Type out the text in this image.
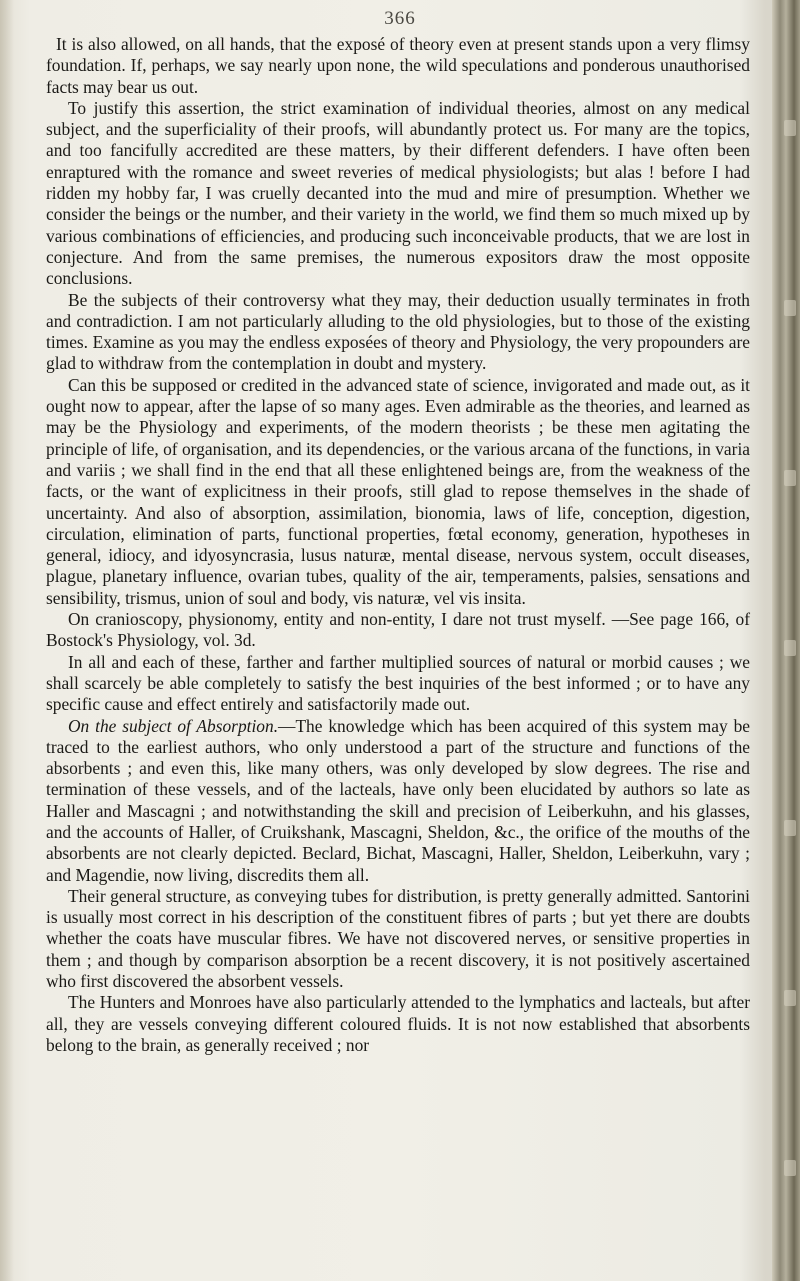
366

It is also allowed, on all hands, that the exposé of theory even at present stands upon a very flimsy foundation. If, perhaps, we say nearly upon none, the wild speculations and ponderous unauthorised facts may bear us out.

To justify this assertion, the strict examination of individual theories, almost on any medical subject, and the superficiality of their proofs, will abundantly protect us. For many are the topics, and too fancifully accredited are these matters, by their different defenders. I have often been enraptured with the romance and sweet reveries of medical physiologists; but alas ! before I had ridden my hobby far, I was cruelly decanted into the mud and mire of presumption. Whether we consider the beings or the number, and their variety in the world, we find them so much mixed up by various combinations of efficiencies, and producing such inconceivable products, that we are lost in conjecture. And from the same premises, the numerous expositors draw the most opposite conclusions.

Be the subjects of their controversy what they may, their deduction usually terminates in froth and contradiction. I am not particularly alluding to the old physiologies, but to those of the existing times. Examine as you may the endless exposées of theory and Physiology, the very propounders are glad to withdraw from the contemplation in doubt and mystery.

Can this be supposed or credited in the advanced state of science, invigorated and made out, as it ought now to appear, after the lapse of so many ages. Even admirable as the theories, and learned as may be the Physiology and experiments, of the modern theorists ; be these men agitating the principle of life, of organisation, and its dependencies, or the various arcana of the functions, in varia and variis ; we shall find in the end that all these enlightened beings are, from the weakness of the facts, or the want of explicitness in their proofs, still glad to repose themselves in the shade of uncertainty. And also of absorption, assimilation, bionomia, laws of life, conception, digestion, circulation, elimination of parts, functional properties, fœtal economy, generation, hypotheses in general, idiocy, and idyosyncrasia, lusus naturæ, mental disease, nervous system, occult diseases, plague, planetary influence, ovarian tubes, quality of the air, temperaments, palsies, sensations and sensibility, trismus, union of soul and body, vis naturæ, vel vis insita.

On cranioscopy, physionomy, entity and non-entity, I dare not trust myself. —See page 166, of Bostock's Physiology, vol. 3d.

In all and each of these, farther and farther multiplied sources of natural or morbid causes ; we shall scarcely be able completely to satisfy the best inquiries of the best informed ; or to have any specific cause and effect entirely and satisfactorily made out.

On the subject of Absorption.—The knowledge which has been acquired of this system may be traced to the earliest authors, who only understood a part of the structure and functions of the absorbents ; and even this, like many others, was only developed by slow degrees. The rise and termination of these vessels, and of the lacteals, have only been elucidated by authors so late as Haller and Mascagni ; and notwithstanding the skill and precision of Leiberkuhn, and his glasses, and the accounts of Haller, of Cruikshank, Mascagni, Sheldon, &c., the orifice of the mouths of the absorbents are not clearly depicted. Beclard, Bichat, Mascagni, Haller, Sheldon, Leiberkuhn, vary ; and Magendie, now living, discredits them all.

Their general structure, as conveying tubes for distribution, is pretty generally admitted. Santorini is usually most correct in his description of the constituent fibres of parts ; but yet there are doubts whether the coats have muscular fibres. We have not discovered nerves, or sensitive properties in them ; and though by comparison absorption be a recent discovery, it is not positively ascertained who first discovered the absorbent vessels.

The Hunters and Monroes have also particularly attended to the lymphatics and lacteals, but after all, they are vessels conveying different coloured fluids. It is not now established that absorbents belong to the brain, as generally received ; nor
